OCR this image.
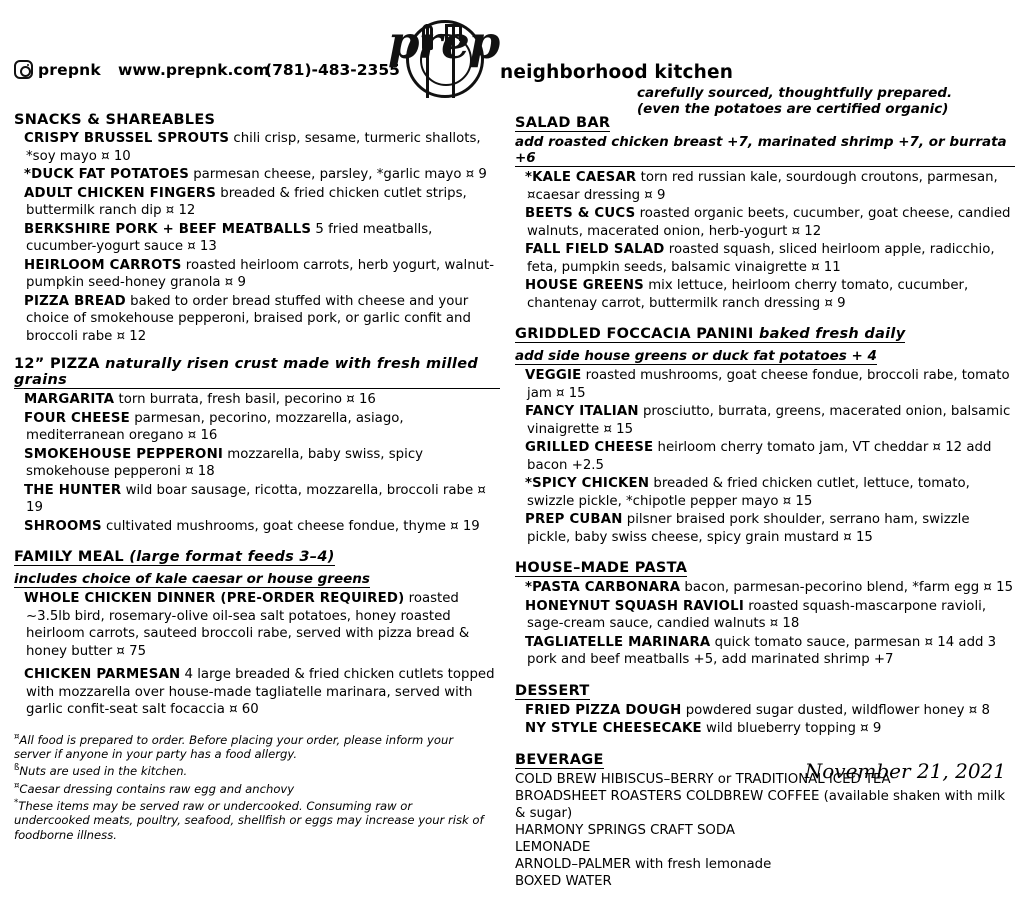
prepnk www.prepnk.com
(781)-483-2355
prep
neighborhood kitchen
carefully sourced, thoughtfully prepared.
(even the potatoes are certified organic)
SNACKS & SHAREABLES
CRISPY BRUSSEL SPROUTS chili crisp, sesame, turmeric shallots, *soy mayo ¤ 10
*DUCK FAT POTATOES parmesan cheese, parsley, *garlic mayo ¤ 9
ADULT CHICKEN FINGERS breaded & fried chicken cutlet strips, buttermilk ranch dip ¤ 12
BERKSHIRE PORK + BEEF MEATBALLS 5 fried meatballs, cucumber-yogurt sauce ¤ 13
HEIRLOOM CARROTS roasted heirloom carrots, herb yogurt, walnut-pumpkin seed-honey granola ¤ 9
PIZZA BREAD baked to order bread stuffed with cheese and your choice of smokehouse pepperoni, braised pork, or garlic confit and broccoli rabe ¤ 12
12” PIZZA naturally risen crust made with fresh milled grains
MARGARITA torn burrata, fresh basil, pecorino ¤ 16
FOUR CHEESE parmesan, pecorino, mozzarella, asiago, mediterranean oregano ¤ 16
SMOKEHOUSE PEPPERONI mozzarella, baby swiss, spicy smokehouse pepperoni ¤ 18
THE HUNTER wild boar sausage, ricotta, mozzarella, broccoli rabe ¤ 19
SHROOMS cultivated mushrooms, goat cheese fondue, thyme ¤ 19
FAMILY MEAL (large format feeds 3–4)
includes choice of kale caesar or house greens
WHOLE CHICKEN DINNER (PRE-ORDER REQUIRED) roasted ~3.5lb bird, rosemary-olive oil-sea salt potatoes, honey roasted heirloom carrots, sauteed broccoli rabe, served with pizza bread & honey butter ¤ 75
CHICKEN PARMESAN 4 large breaded & fried chicken cutlets topped with mozzarella over house-made tagliatelle marinara, served with garlic confit-seat salt focaccia ¤ 60
¤All food is prepared to order. Before placing your order, please inform your server if anyone in your party has a food allergy.
$^ß$Nuts are used in the kitchen.
¤Caesar dressing contains raw egg and anchovy
*These items may be served raw or undercooked. Consuming raw or undercooked meats, poultry, seafood, shellfish or eggs may increase your risk of foodborne illness.
SALAD BAR
add roasted chicken breast +7, marinated shrimp +7, or burrata +6
*KALE CAESAR torn red russian kale, sourdough croutons, parmesan, ¤caesar dressing ¤ 9
BEETS & CUCS roasted organic beets, cucumber, goat cheese, candied walnuts, macerated onion, herb-yogurt ¤ 12
FALL FIELD SALAD roasted squash, sliced heirloom apple, radicchio, feta, pumpkin seeds, balsamic vinaigrette ¤ 11
HOUSE GREENS mix lettuce, heirloom cherry tomato, cucumber, chantenay carrot, buttermilk ranch dressing ¤ 9
GRIDDLED FOCCACIA PANINI baked fresh daily
add side house greens or duck fat potatoes + 4
VEGGIE roasted mushrooms, goat cheese fondue, broccoli rabe, tomato jam ¤ 15
FANCY ITALIAN prosciutto, burrata, greens, macerated onion, balsamic vinaigrette ¤ 15
GRILLED CHEESE heirloom cherry tomato jam, VT cheddar ¤ 12 add bacon +2.5
*SPICY CHICKEN breaded & fried chicken cutlet, lettuce, tomato, swizzle pickle, *chipotle pepper mayo ¤ 15
PREP CUBAN pilsner braised pork shoulder, serrano ham, swizzle pickle, baby swiss cheese, spicy grain mustard ¤ 15
HOUSE–MADE PASTA
*PASTA CARBONARA bacon, parmesan-pecorino blend, *farm egg ¤ 15
HONEYNUT SQUASH RAVIOLI roasted squash-mascarpone ravioli, sage-cream sauce, candied walnuts ¤ 18
TAGLIATELLE MARINARA quick tomato sauce, parmesan ¤ 14 add 3 pork and beef meatballs +5, add marinated shrimp +7
DESSERT
FRIED PIZZA DOUGH powdered sugar dusted, wildflower honey ¤ 8
NY STYLE CHEESECAKE wild blueberry topping ¤ 9
BEVERAGE
COLD BREW HIBISCUS–BERRY or TRADITIONAL ICED TEA
BROADSHEET ROASTERS COLDBREW COFFEE (available shaken with milk & sugar)
HARMONY SPRINGS CRAFT SODA
LEMONADE
ARNOLD–PALMER with fresh lemonade
BOXED WATER
November 21, 2021
